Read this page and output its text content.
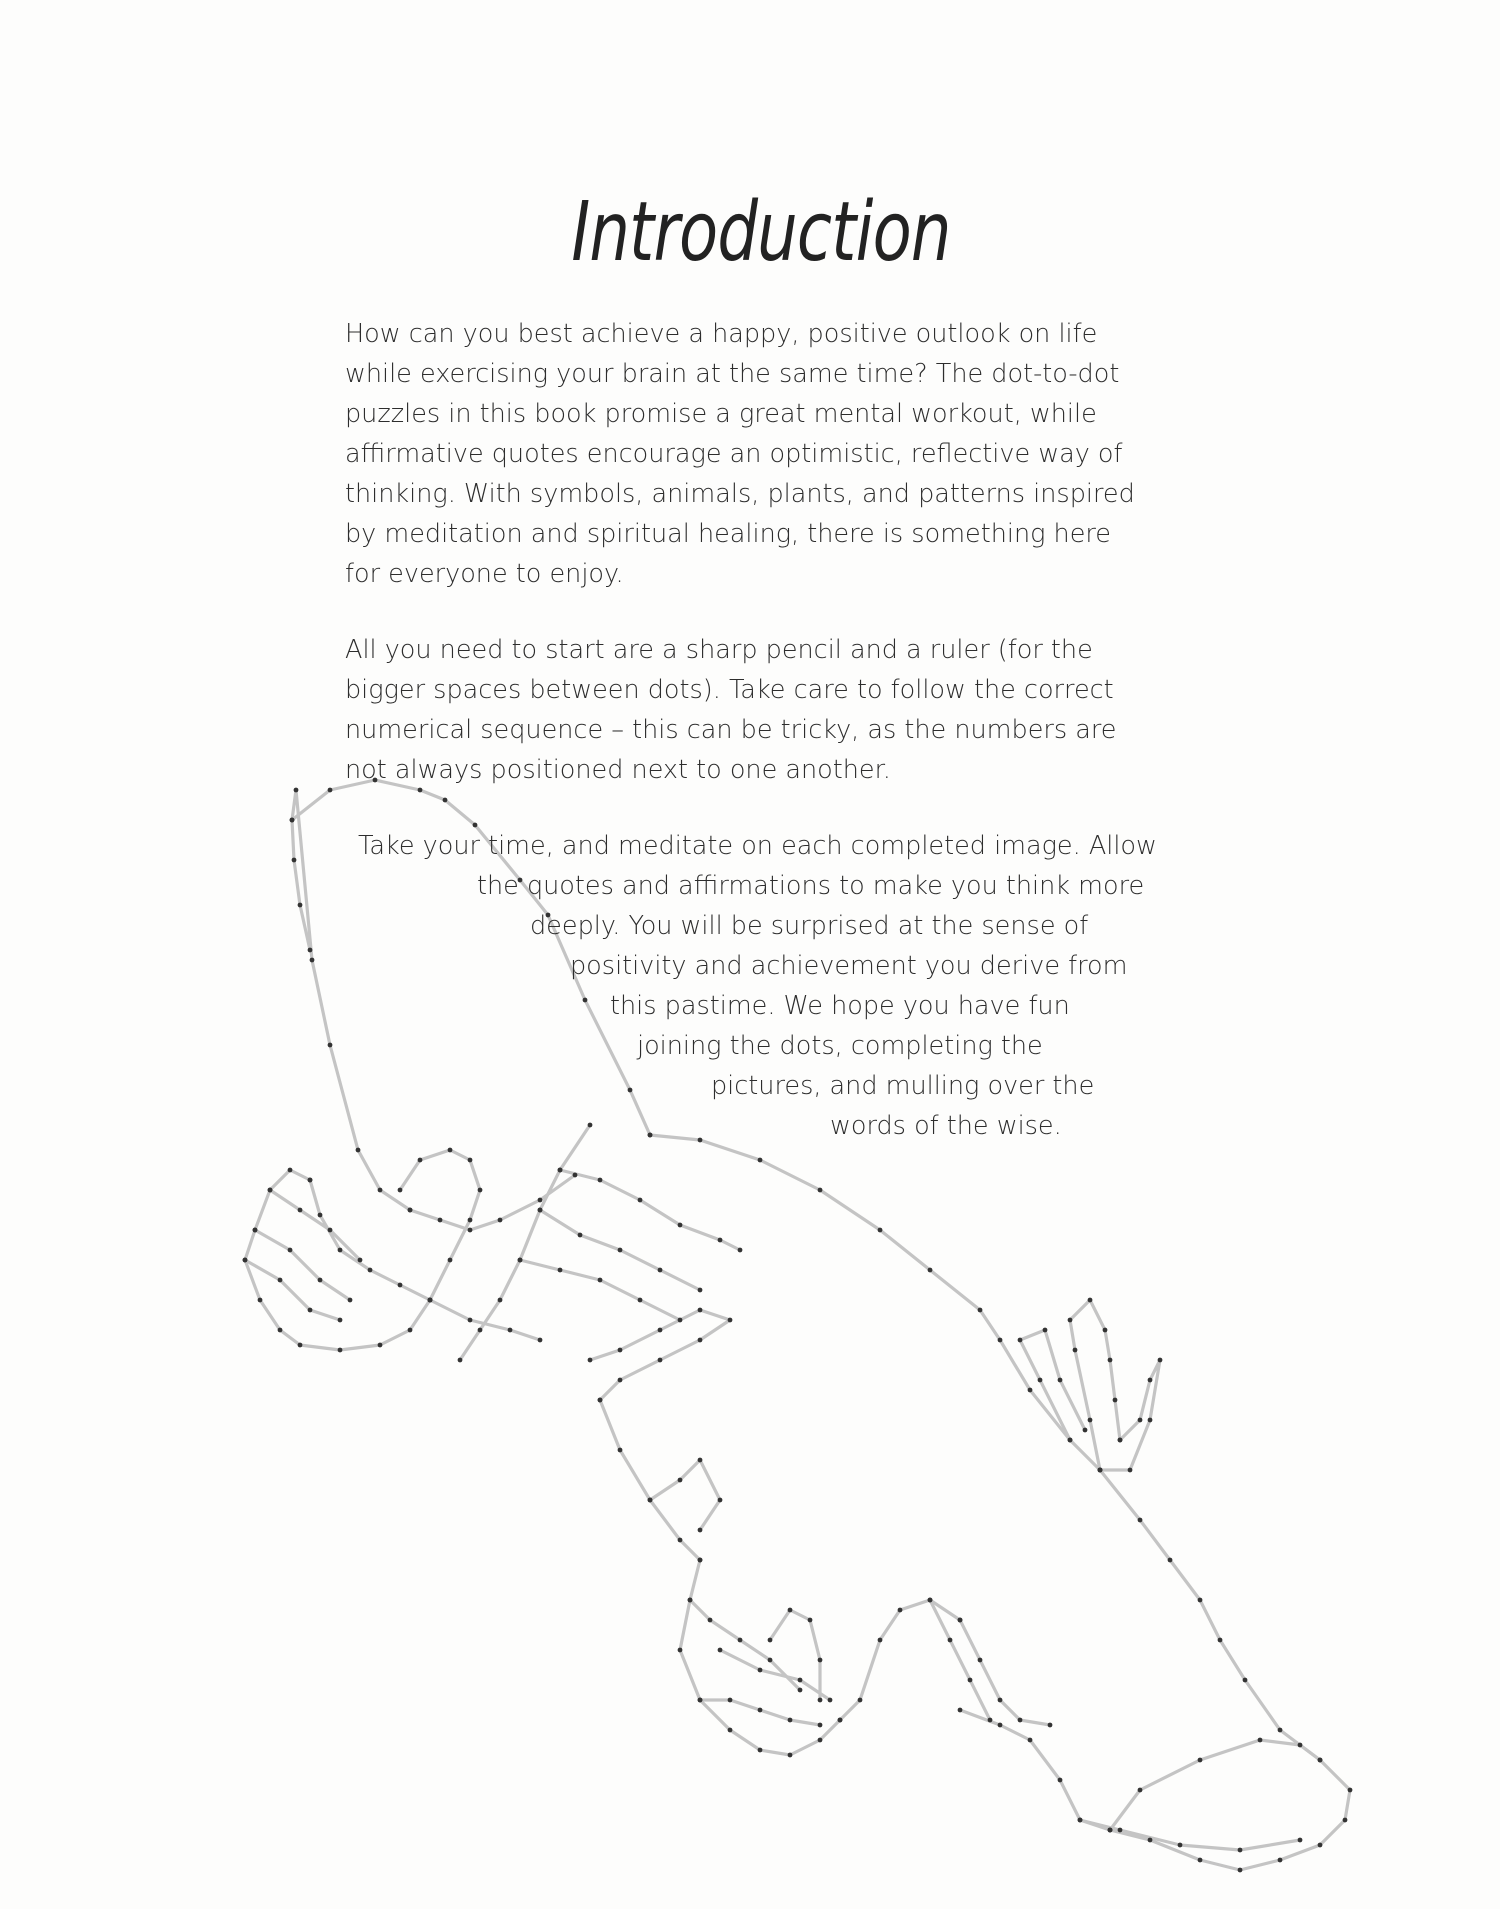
Introduction
How can you best achieve a happy, positive outlook on life
while exercising your brain at the same time? The dot-to-dot
puzzles in this book promise a great mental workout, while
affirmative quotes encourage an optimistic, reflective way of
thinking. With symbols, animals, plants, and patterns inspired
by meditation and spiritual healing, there is something here
for everyone to enjoy.
All you need to start are a sharp pencil and a ruler (for the
bigger spaces between dots). Take care to follow the correct
numerical sequence – this can be tricky, as the numbers are
not always positioned next to one another.
Take your time, and meditate on each completed image. Allow
the quotes and affirmations to make you think more
deeply. You will be surprised at the sense of
positivity and achievement you derive from
this pastime. We hope you have fun
joining the dots, completing the
pictures, and mulling over the
words of the wise.
